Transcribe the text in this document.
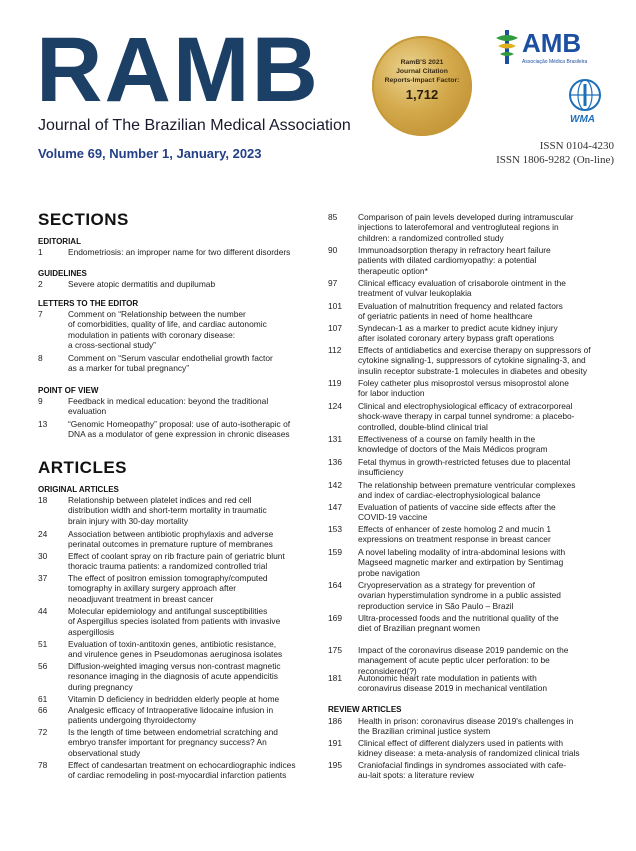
RAMB
Journal of The Brazilian Medical Association
Volume 69, Number 1, January, 2023
RamB'S 2021
Journal Citation
Reports-Impact Factor:
1,712
AMB
Associação Médica Brasileira
WMA
ISSN 0104-4230
ISSN 1806-9282 (On-line)
SECTIONS
EDITORIAL
1	Endometriosis: an improper name for two different disorders
GUIDELINES
2	Severe atopic dermatitis and dupilumab
LETTERS TO THE EDITOR
7	Comment on “Relationship between the number
of comorbidities, quality of life, and cardiac autonomic
modulation in patients with coronary disease:
a cross-sectional study”
8	Comment on “Serum vascular endothelial growth factor
as a marker for tubal pregnancy”
POINT OF VIEW
9	Feedback in medical education: beyond the traditional
evaluation
13	“Genomic Homeopathy” proposal: use of auto-isotherapic of
DNA as a modulator of gene expression in chronic diseases
ARTICLES
ORIGINAL ARTICLES
18	Relationship between platelet indices and red cell
distribution width and short-term mortality in traumatic
brain injury with 30-day mortality
24	Association between antibiotic prophylaxis and adverse
perinatal outcomes in premature rupture of membranes
30	Effect of coolant spray on rib fracture pain of geriatric blunt
thoracic trauma patients: a randomized controlled trial
37	The effect of positron emission tomography/computed
tomography in axillary surgery approach after
neoadjuvant treatment in breast cancer
44	Molecular epidemiology and antifungal susceptibilities
of Aspergillus species isolated from patients with invasive
aspergillosis
51	Evaluation of toxin-antitoxin genes, antibiotic resistance,
and virulence genes in Pseudomonas aeruginosa isolates
56	Diffusion-weighted imaging versus non-contrast magnetic
resonance imaging in the diagnosis of acute appendicitis
during pregnancy
61	Vitamin D deficiency in bedridden elderly people at home
66	Analgesic efficacy of Intraoperative lidocaine infusion in
patients undergoing thyroidectomy
72	Is the length of time between endometrial scratching and
embryo transfer important for pregnancy success? An
observational study
78	Effect of candesartan treatment on echocardiographic indices
of cardiac remodeling in post-myocardial infarction patients
85	Comparison of pain levels developed during intramuscular
injections to laterofemoral and ventrogluteal regions in
children: a randomized controlled study
90	Immunoadsorption therapy in refractory heart failure
patients with dilated cardiomyopathy: a potential
therapeutic option*
97	Clinical efficacy evaluation of crisaborole ointment in the
treatment of vulvar leukoplakia
101	Evaluation of malnutrition frequency and related factors
of geriatric patients in need of home healthcare
107	Syndecan-1 as a marker to predict acute kidney injury
after isolated coronary artery bypass graft operations
112	Effects of antidiabetics and exercise therapy on suppressors of
cytokine signaling-1, suppressors of cytokine signaling-3, and
insulin receptor substrate-1 molecules in diabetes and obesity
119	Foley catheter plus misoprostol versus misoprostol alone
for labor induction
124	Clinical and electrophysiological efficacy of extracorporeal
shock-wave therapy in carpal tunnel syndrome: a placebo-
controlled, double-blind clinical trial
131	Effectiveness of a course on family health in the
knowledge of doctors of the Mais Médicos program
136	Fetal thymus in growth-restricted fetuses due to placental
insufficiency
142	The relationship between premature ventricular complexes
and index of cardiac-electrophysiological balance
147	Evaluation of patients of vaccine side effects after the
COVID-19 vaccine
153	Effects of enhancer of zeste homolog 2 and mucin 1
expressions on treatment response in breast cancer
159	A novel labeling modality of intra-abdominal lesions with
Magseed magnetic marker and extirpation by Sentimag
probe navigation
164	Cryopreservation as a strategy for prevention of
ovarian hyperstimulation syndrome in a public assisted
reproduction service in São Paulo – Brazil
169	Ultra-processed foods and the nutritional quality of the
diet of Brazilian pregnant women
175	Impact of the coronavirus disease 2019 pandemic on the
management of acute peptic ulcer perforation: to be
reconsidered(?)
181	Autonomic heart rate modulation in patients with
coronavirus disease 2019 in mechanical ventilation
REVIEW ARTICLES
186	Health in prison: coronavirus disease 2019's challenges in
the Brazilian criminal justice system
191	Clinical effect of different dialyzers used in patients with
kidney disease: a meta-analysis of randomized clinical trials
195	Craniofacial findings in syndromes associated with cafe-
au-lait spots: a literature review
